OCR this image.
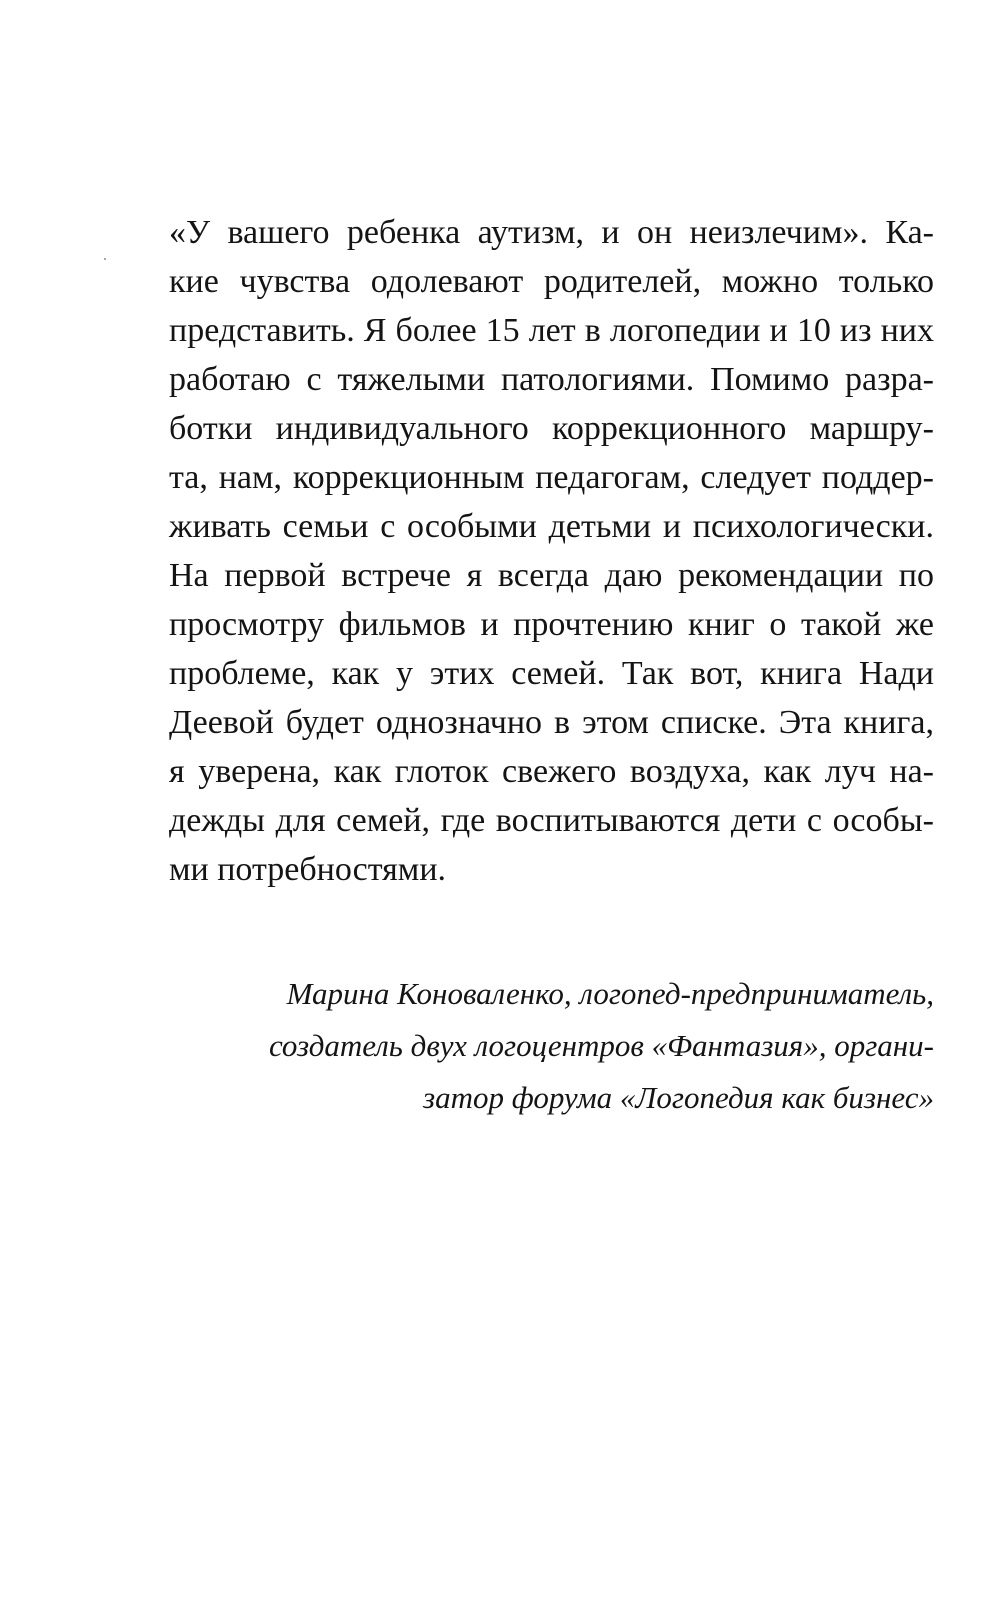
«У вашего ребенка аутизм, и он неизлечим». Ка-
кие чувства одолевают родителей, можно только
представить. Я более 15 лет в логопедии и 10 из них
работаю с тяжелыми патологиями. Помимо разра-
ботки индивидуального коррекционного маршру-
та, нам, коррекционным педагогам, следует поддер-
живать семьи с особыми детьми и психологически.
На первой встрече я всегда даю рекомендации по
просмотру фильмов и прочтению книг о такой же
проблеме, как у этих семей. Так вот, книга Нади
Деевой будет однозначно в этом списке. Эта книга,
я уверена, как глоток свежего воздуха, как луч на-
дежды для семей, где воспитываются дети с особы-
ми потребностями.
Марина Коноваленко, логопед-предприниматель,
создатель двух логоцентров «Фантазия», органи-
затор форума «Логопедия как бизнес»
